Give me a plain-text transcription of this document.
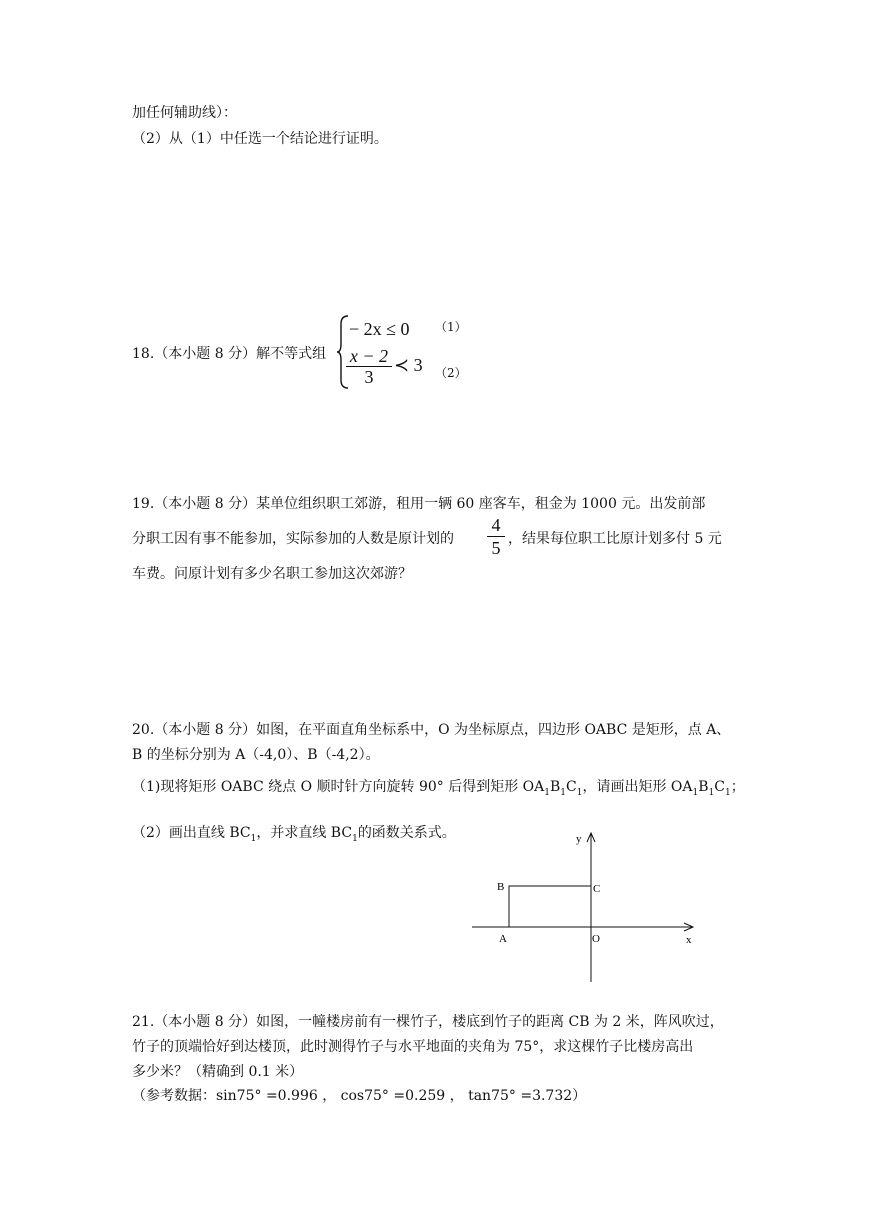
加任何辅助线）：
（2）从（1）中任选一个结论进行证明。
18.（本小题 8 分）解不等式组
− 2x ≤ 0 （1）
$\frac{x - 2}{3}$ ≺ 3 （2）
19.（本小题 8 分）某单位组织职工郊游，租用一辆 60 座客车，租金为 1000 元。出发前部
分职工因有事不能参加，实际参加的人数是原计划的 $\frac{4}{5}$ ，结果每位职工比原计划多付 5 元
车费。问原计划有多少名职工参加这次郊游？
20.（本小题 8 分）如图，在平面直角坐标系中，O 为坐标原点，四边形 OABC 是矩形，点 A、
B 的坐标分别为 A（-4,0）、B（-4,2）。
（1)现将矩形 OABC 绕点 O 顺时针方向旋转 90° 后得到矩形 $OA_1B_1C_1$，请画出矩形 $OA_1B_1C_1$；
（2）画出直线 $BC_1$，并求直线 $BC_1$的函数关系式。	y
x
B	C
A	O
21.（本小题 8 分）如图，一幢楼房前有一棵竹子，楼底到竹子的距离 CB 为 2 米，阵风吹过，
竹子的顶端恰好到达楼顶，此时测得竹子与水平地面的夹角为 75°，求这棵竹子比楼房高出
多少米？（精确到 0.1 米）
（参考数据：sin75° =0.996 ， cos75° =0.259 ， tan75° =3.732）
